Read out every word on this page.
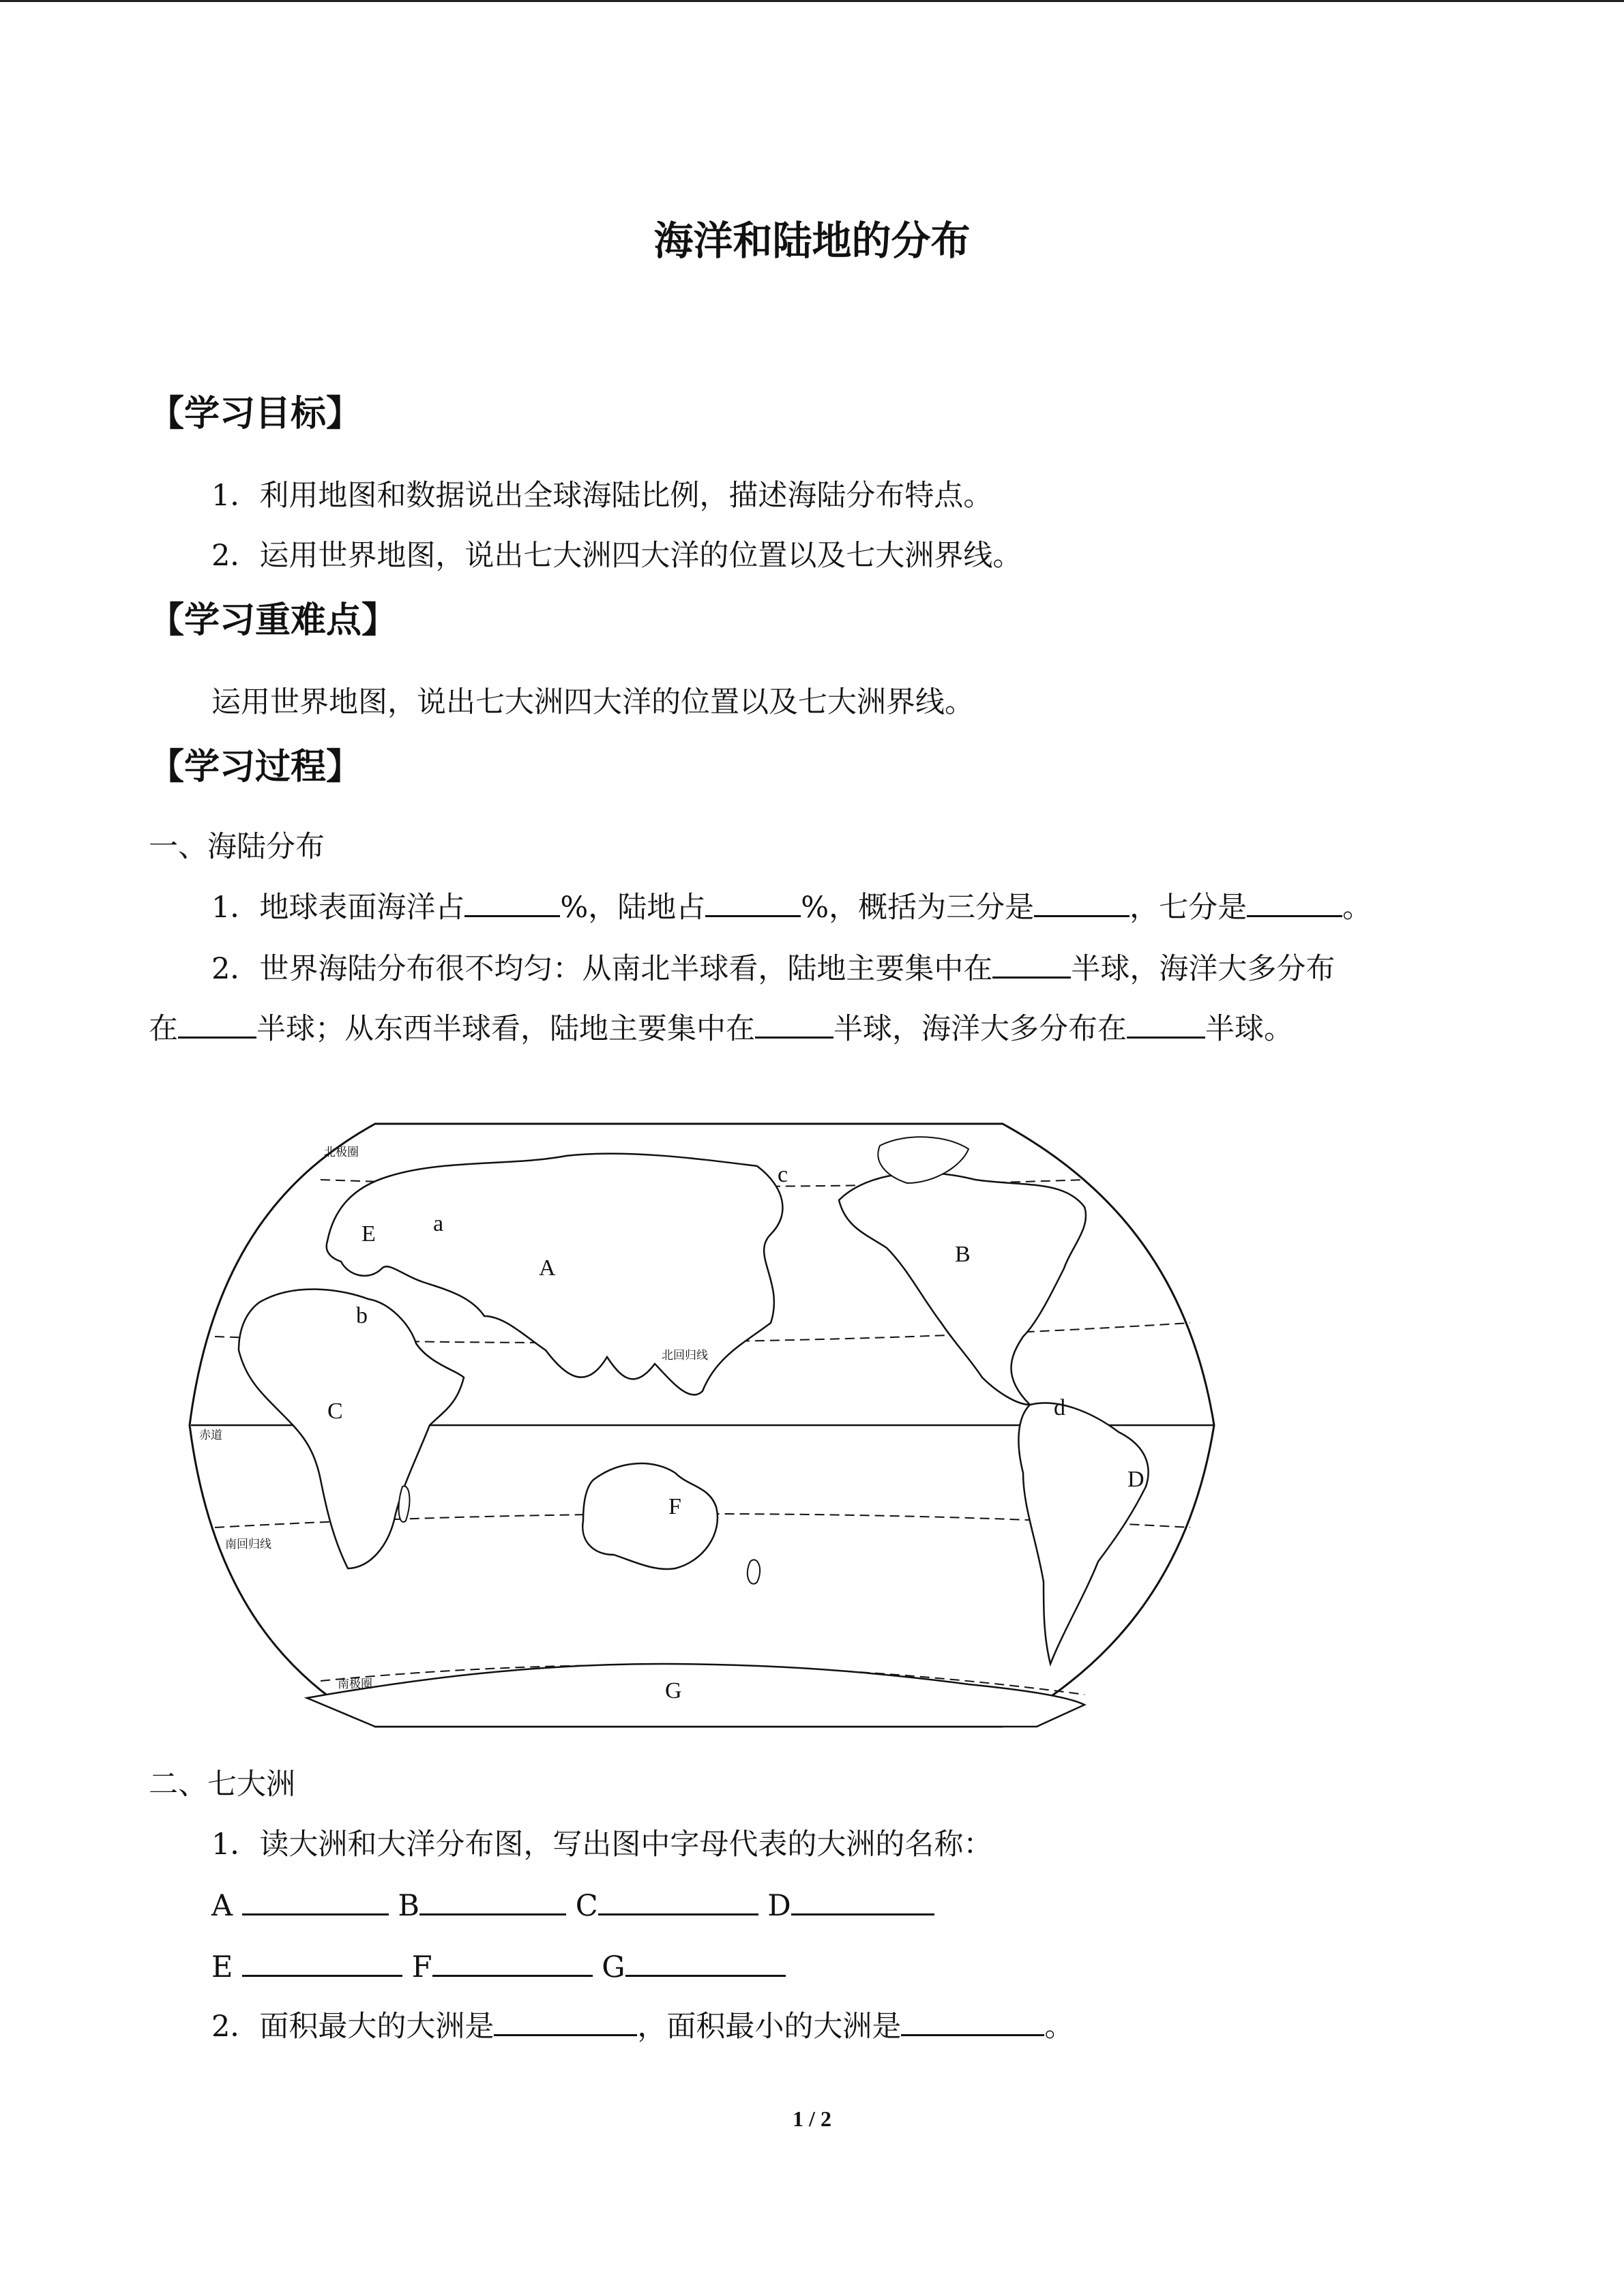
海洋和陆地的分布
【学习目标】
1．利用地图和数据说出全球海陆比例，描述海陆分布特点。
2．运用世界地图，说出七大洲四大洋的位置以及七大洲界线。
【学习重难点】
运用世界地图，说出七大洲四大洋的位置以及七大洲界线。
【学习过程】
一、海陆分布
1．地球表面海洋占	%，陆地占	%，概括为三分是	，七分是	。
2．世界海陆分布很不均匀：从南北半球看，陆地主要集中在	半球，海洋大多分布
在	半球；从东西半球看，陆地主要集中在	半球，海洋大多分布在	半球。
A
B
C
D
E
F
G
a
b
c
d
北极圈
北回归线
赤道
南回归线
南极圈
二、七大洲
1．读大洲和大洋分布图，写出图中字母代表的大洲的名称：
A	B	C	D
E	F	G
2．面积最大的大洲是	，面积最小的大洲是	。
1 / 2
